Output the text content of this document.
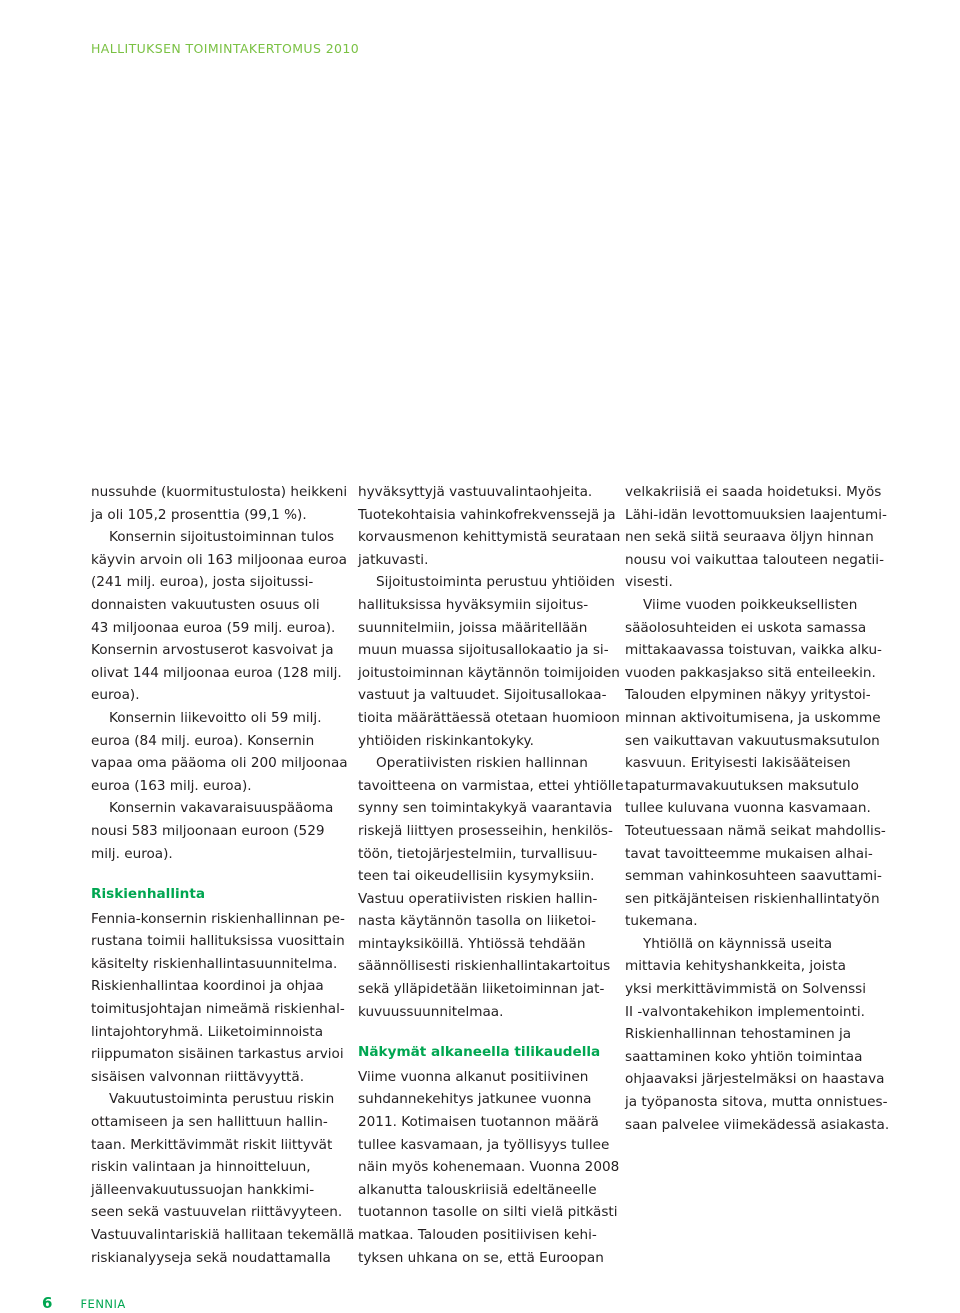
HALLITUKSEN TOIMINTAKERTOMUS 2010
nussuhde (kuormitustulosta) heikkeni
ja oli 105,2 prosenttia (99,1 %).
Konsernin sijoitustoiminnan tulos
käyvin arvoin oli 163 miljoonaa euroa
(241 milj. euroa), josta sijoitussi-
donnaisten vakuutusten osuus oli
43 miljoonaa euroa (59 milj. euroa).
Konsernin arvostuserot kasvoivat ja
olivat 144 miljoonaa euroa (128 milj.
euroa).
Konsernin liikevoitto oli 59 milj.
euroa (84 milj. euroa). Konsernin
vapaa oma pääoma oli 200 miljoonaa
euroa (163 milj. euroa).
Konsernin vakavaraisuuspääoma
nousi 583 miljoonaan euroon (529
milj. euroa).
Riskienhallinta
Fennia-konsernin riskienhallinnan pe-
rustana toimii hallituksissa vuosittain
käsitelty riskienhallintasuunnitelma.
Riskienhallintaa koordinoi ja ohjaa
toimitusjohtajan nimeämä riskienhal-
lintajohtoryhmä. Liiketoiminnoista
riippumaton sisäinen tarkastus arvioi
sisäisen valvonnan riittävyyttä.
Vakuutustoiminta perustuu riskin
ottamiseen ja sen hallittuun hallin-
taan. Merkittävimmät riskit liittyvät
riskin valintaan ja hinnoitteluun,
jälleenvakuutussuojan hankkimi-
seen sekä vastuuvelan riittävyyteen.
Vastuuvalintariskiä hallitaan tekemällä
riskianalyyseja sekä noudattamalla
hyväksyttyjä vastuuvalintaohjeita.
Tuotekohtaisia vahinkofrekvenssejä ja
korvausmenon kehittymistä seurataan
jatkuvasti.
Sijoitustoiminta perustuu yhtiöiden
hallituksissa hyväksymiin sijoitus-
suunnitelmiin, joissa määritellään
muun muassa sijoitusallokaatio ja si-
joitustoiminnan käytännön toimijoiden
vastuut ja valtuudet. Sijoitusallokaa-
tioita määrättäessä otetaan huomioon
yhtiöiden riskinkantokyky.
Operatiivisten riskien hallinnan
tavoitteena on varmistaa, ettei yhtiölle
synny sen toimintakykyä vaarantavia
riskejä liittyen prosesseihin, henkilös-
töön, tietojärjestelmiin, turvallisuu-
teen tai oikeudellisiin kysymyksiin.
Vastuu operatiivisten riskien hallin-
nasta käytännön tasolla on liiketoi-
mintayksiköillä. Yhtiössä tehdään
säännöllisesti riskienhallintakartoitus
sekä ylläpidetään liiketoiminnan jat-
kuvuussuunnitelmaa.
Näkymät alkaneella tilikaudella
Viime vuonna alkanut positiivinen
suhdannekehitys jatkunee vuonna
2011. Kotimaisen tuotannon määrä
tullee kasvamaan, ja työllisyys tullee
näin myös kohenemaan. Vuonna 2008
alkanutta talouskriisiä edeltäneelle
tuotannon tasolle on silti vielä pitkästi
matkaa. Talouden positiivisen kehi-
tyksen uhkana on se, että Euroopan
velkakriisiä ei saada hoidetuksi. Myös
Lähi-idän levottomuuksien laajentumi-
nen sekä siitä seuraava öljyn hinnan
nousu voi vaikuttaa talouteen negatii-
visesti.
Viime vuoden poikkeuksellisten
sääolosuhteiden ei uskota samassa
mittakaavassa toistuvan, vaikka alku-
vuoden pakkasjakso sitä enteileekin.
Talouden elpyminen näkyy yritystoi-
minnan aktivoitumisena, ja uskomme
sen vaikuttavan vakuutusmaksutulon
kasvuun. Erityisesti lakisääteisen
tapaturmavakuutuksen maksutulo
tullee kuluvana vuonna kasvamaan.
Toteutuessaan nämä seikat mahdollis-
tavat tavoitteemme mukaisen alhai-
semman vahinkosuhteen saavuttami-
sen pitkäjänteisen riskienhallintatyön
tukemana.
Yhtiöllä on käynnissä useita
mittavia kehityshankkeita, joista
yksi merkittävimmistä on Solvenssi
II -valvontakehikon implementointi.
Riskienhallinnan tehostaminen ja
saattaminen koko yhtiön toimintaa
ohjaavaksi järjestelmäksi on haastava
ja työpanosta sitova, mutta onnistues-
saan palvelee viimekädessä asiakasta.
6 FENNIA
